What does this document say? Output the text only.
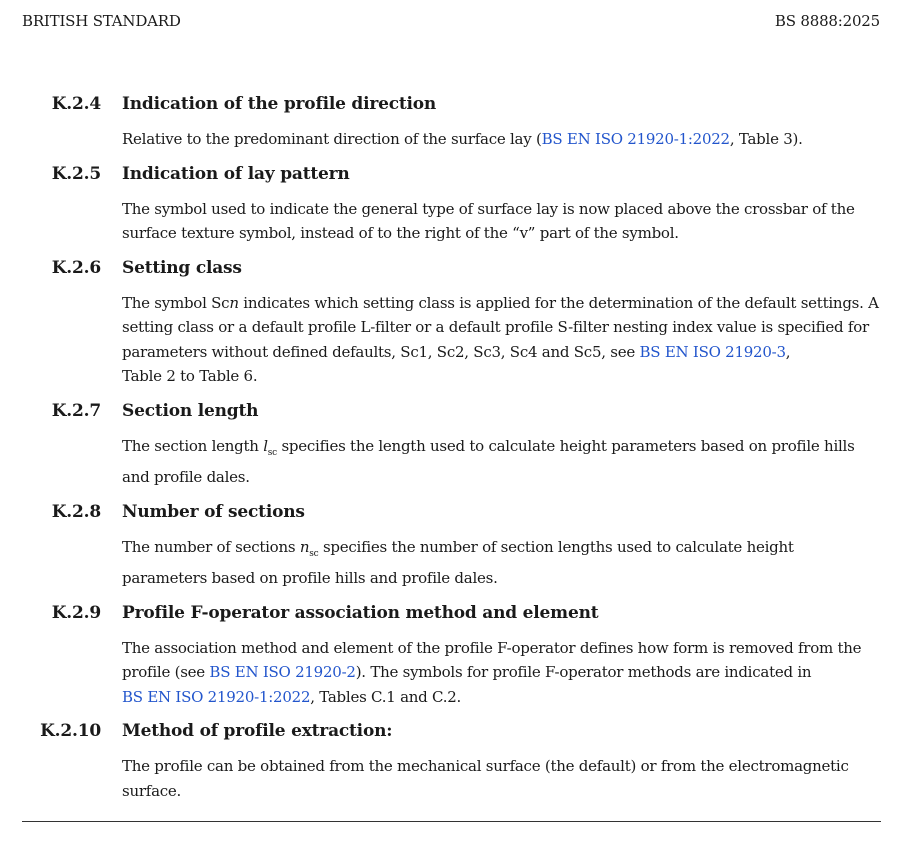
BRITISH STANDARD	BS 8888:2025
K.2.4 Indication of the profile direction
Relative to the predominant direction of the surface lay (BS EN ISO 21920-1:2022, Table 3).
K.2.5 Indication of lay pattern
The symbol used to indicate the general type of surface lay is now placed above the crossbar of the surface texture symbol, instead of to the right of the “v” part of the symbol.
K.2.6 Setting class
The symbol Scn indicates which setting class is applied for the determination of the default settings. A setting class or a default profile L-filter or a default profile S-filter nesting index value is specified for parameters without defined defaults, Sc1, Sc2, Sc3, Sc4 and Sc5, see BS EN ISO 21920-3,
Table 2 to Table 6.
K.2.7 Section length
The section length $l_{sc}$ specifies the length used to calculate height parameters based on profile hills and profile dales.
K.2.8 Number of sections
The number of sections $n_{sc}$ specifies the number of section lengths used to calculate height parameters based on profile hills and profile dales.
K.2.9 Profile F-operator association method and element
The association method and element of the profile F-operator defines how form is removed from the profile (see BS EN ISO 21920-2). The symbols for profile F-operator methods are indicated in
BS EN ISO 21920-1:2022, Tables C.1 and C.2.
K.2.10 Method of profile extraction:
The profile can be obtained from the mechanical surface (the default) or from the electromagnetic surface.
